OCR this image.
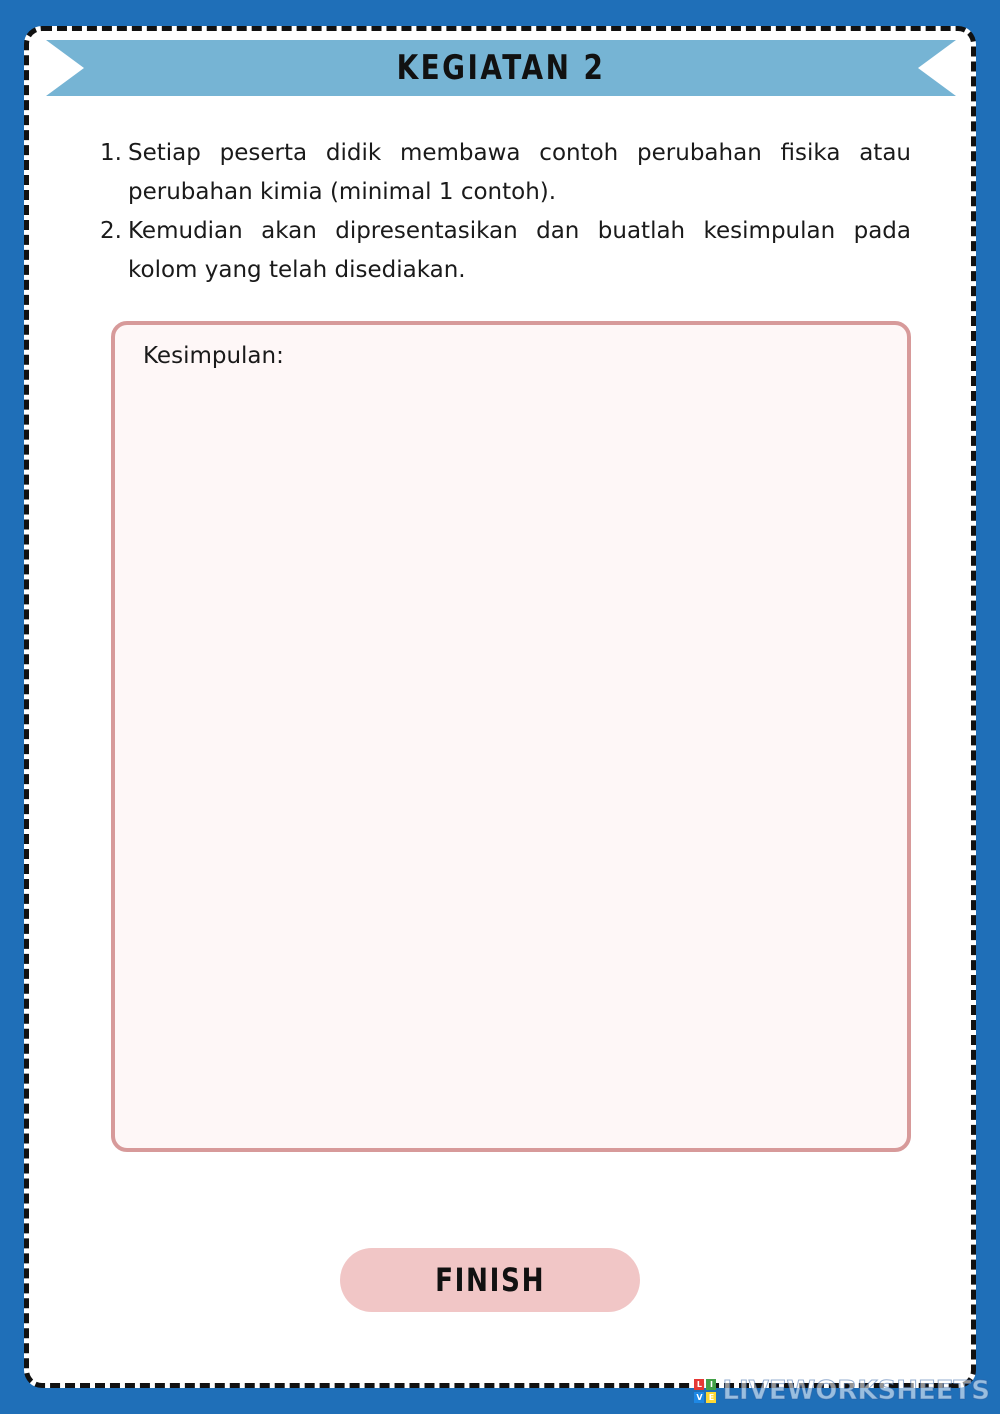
KEGIATAN 2
1. Setiap peserta didik membawa contoh perubahan fisika atau perubahan kimia (minimal 1 contoh).
2. Kemudian akan dipresentasikan dan buatlah kesimpulan pada kolom yang telah disediakan.
Kesimpulan:
FINISH
L I
V E LIVEWORKSHEETS
